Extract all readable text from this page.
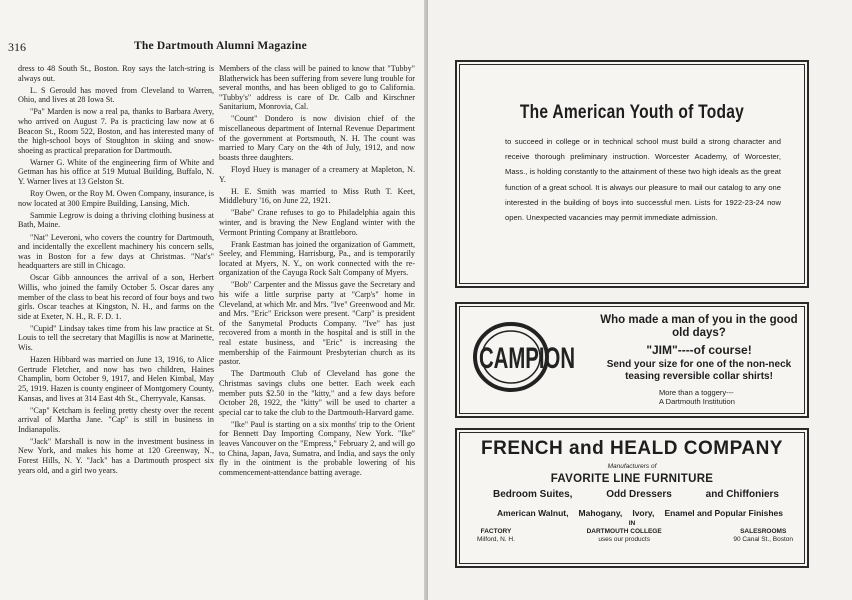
316	The Dartmouth Alumni Magazine

dress to 48 South St., Boston. Roy says the latch-string is always out.

L. S Gerould has moved from Cleveland to Warren, Ohio, and lives at 28 Iowa St.

"Pa" Marden is now a real pa, thanks to Barbara Avery, who arrived on August 7. Pa is practicing law now at 6 Beacon St., Room 522, Boston, and has interested many of the high-school boys of Stoughton in skiing and snow-shoeing as practical preparation for Dartmouth.

Warner G. White of the engineering firm of White and Getman has his office at 519 Mutual Building, Buffalo, N. Y. Warner lives at 13 Gelston St.

Roy Owen, or the Roy M. Owen Company, insurance, is now located at 300 Empire Building, Lansing, Mich.

Sammie Legrow is doing a thriving clothing business at Bath, Maine.

"Nat" Leveroni, who covers the country for Dartmouth, and incidentally the excellent machinery his concern sells, was in Boston for a few days at Christmas. "Nat's" headquarters are still in Chicago.

Oscar Gibb announces the arrival of a son, Herbert Willis, who joined the family October 5. Oscar dares any member of the class to beat his record of four boys and two girls. Oscar teaches at Kingston, N. H., and farms on the side at Exeter, N. H., R. F. D. 1.

"Cupid" Lindsay takes time from his law practice at St. Louis to tell the secretary that Magillis is now at Marinette, Wis.

Hazen Hibbard was married on June 13, 1916, to Alice Gertrude Fletcher, and now has two children, Haines Champlin, born October 9, 1917, and Helen Kimbal, May 25, 1919. Hazen is county engineer of Montgomery County, Kansas, and lives at 314 East 4th St., Cherryvale, Kansas.

"Cap" Ketcham is feeling pretty chesty over the recent arrival of Martha Jane. "Cap" is still in business in Indianapolis.

"Jack" Marshall is now in the investment business in New York, and makes his home at 120 Greenway, N., Forest Hills, N. Y. "Jack" has a Dartmouth prospect six years old, and a girl two years.

Members of the class will be pained to know that "Tubby" Blatherwick has been suffering from severe lung trouble for several months, and has been obliged to go to California. "Tubby's" address is care of Dr. Calb and Kirschner Sanitarium, Monrovia, Cal.

"Count" Dondero is now division chief of the miscellaneous department of Internal Revenue Department of the government at Portsmouth, N. H. The count was married to Mary Cary on the 4th of July, 1912, and now boasts three daughters.

Floyd Huey is manager of a creamery at Mapleton, N. Y.

H. E. Smith was married to Miss Ruth T. Keet, Middlebury '16, on June 22, 1921.

"Babe" Crane refuses to go to Philadelphia again this winter, and is braving the New England winter with the Vermont Printing Company at Brattleboro.

Frank Eastman has joined the organization of Gammett, Seeley, and Flemming, Harrisburg, Pa., and is temporarily located at Myers, N. Y., on work connected with the re-organization of the Cayuga Rock Salt Company of Myers.

"Bob" Carpenter and the Missus gave the Secretary and his wife a little surprise party at "Carp's" home in Cleveland, at which Mr. and Mrs. "Ive" Greenwood and Mr. and Mrs. "Eric" Erickson were present. "Carp" is president of the Sanymetal Products Company. "Ive" has just recovered from a month in the hospital and is still in the real estate business, and "Eric" is increasing the membership of the Fairmount Presbyterian church as its pastor.

The Dartmouth Club of Cleveland has gone the Christmas savings clubs one better. Each week each member puts $2.50 in the "kitty," and a few days before October 28, 1922, the "kitty" will be used to charter a special car to take the club to the Dartmouth-Harvard game.

"Ike" Paul is starting on a six months' trip to the Orient for Bennett Day Importing Company, New York. "Ike" leaves Vancouver on the "Empress," February 2, and will go to China, Japan, Java, Sumatra, and India, and says the only fly in the ointment is the probable lowering of his commencement-attendance batting average.

The American Youth of Today
to succeed in college or in technical school must build a strong character and receive thorough preliminary instruction. Worcester Academy, of Worcester, Mass., is holding constantly to the attainment of these two high ideals as the great function of a great school. It is always our pleasure to mail our catalog to any one interested in the building of boys into successful men. Lists for 1922-23-24 now open. Unexpected vacancies may permit immediate admission.
CAMPION
Who made a man of you in the good old days?
"JIM"----of course!
Send your size for one of the non-neck teasing reversible collar shirts!
More than a toggery---
A Dartmouth Institution
FRENCH and HEALD COMPANY
Manufacturers of
FAVORITE LINE FURNITURE
Bedroom Suites,	Odd Dressers	and Chiffoniers
American Walnut, Mahogany, Ivory, Enamel and Popular Finishes
IN
FACTORY
Milford, N. H.
DARTMOUTH COLLEGE
uses our products
SALESROOMS
90 Canal St., Boston
